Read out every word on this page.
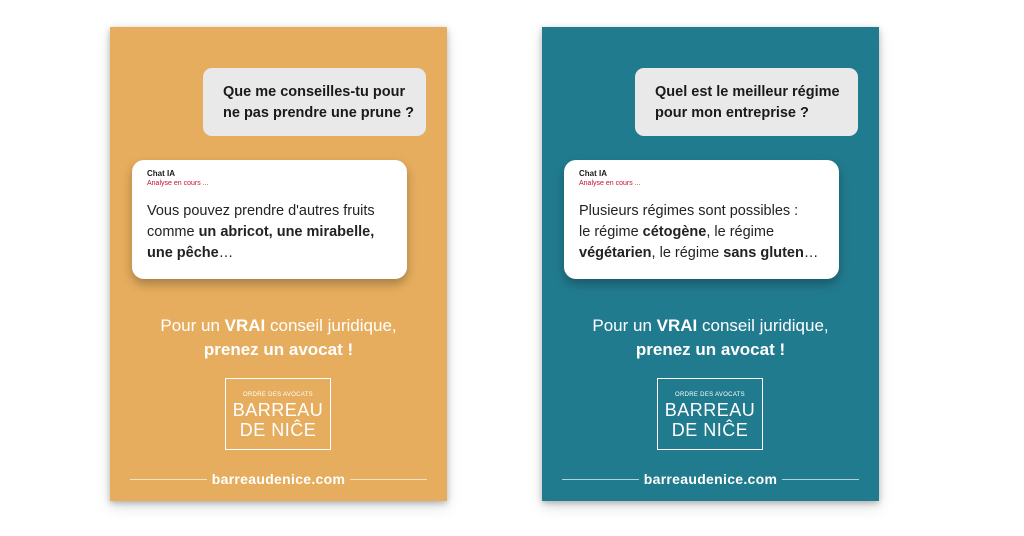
Que me conseilles-tu pour
ne pas prendre une prune ?
Chat IA
Analyse en cours ...
Vous pouvez prendre d'autres fruits
comme un abricot, une mirabelle,
une pêche…
Pour un VRAI conseil juridique,
prenez un avocat !
ORDRE DES AVOCATS
BARREAU
DE NIĈE
barreaudenice.com
Quel est le meilleur régime
pour mon entreprise ?
Chat IA
Analyse en cours ...
Plusieurs régimes sont possibles :
le régime cétogène, le régime
végétarien, le régime sans gluten…
Pour un VRAI conseil juridique,
prenez un avocat !
ORDRE DES AVOCATS
BARREAU
DE NIĈE
barreaudenice.com
